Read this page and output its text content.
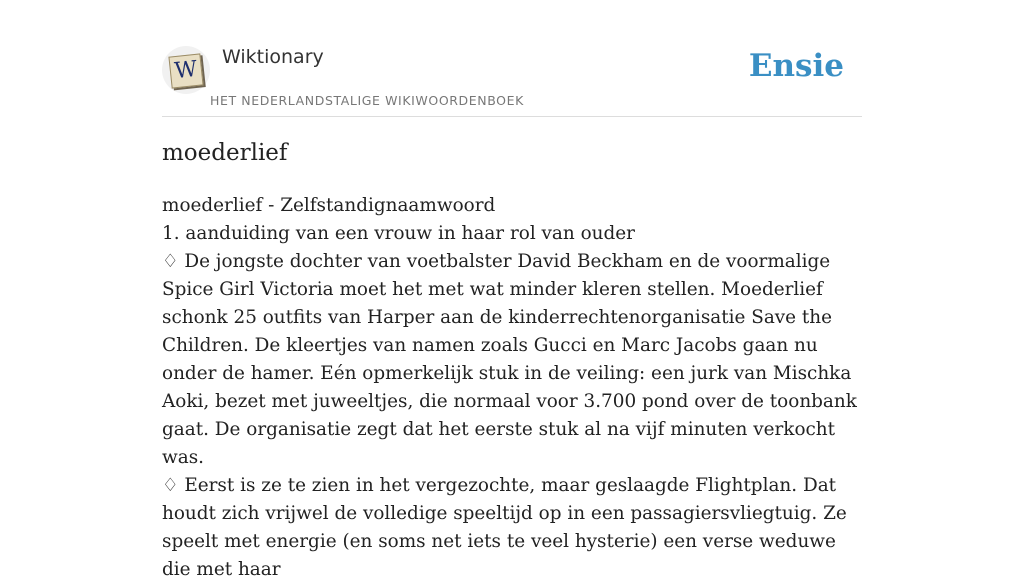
W Wiktionary
HET NEDERLANDSTALIGE WIKIWOORDENBOEK
Ensie
moederlief

moederlief - Zelfstandignaamwoord

1. aanduiding van een vrouw in haar rol van ouder

♢ De jongste dochter van voetbalster David Beckham en de voormalige Spice Girl Victoria moet het met wat minder kleren stellen. Moederlief schonk 25 outfits van Harper aan de kinderrechtenorganisatie Save the Children. De kleertjes van namen zoals Gucci en Marc Jacobs gaan nu onder de hamer. Eén opmerkelijk stuk in de veiling: een jurk van Mischka Aoki, bezet met juweeltjes, die normaal voor 3.700 pond over de toonbank gaat. De organisatie zegt dat het eerste stuk al na vijf minuten verkocht was.

♢ Eerst is ze te zien in het vergezochte, maar geslaagde Flightplan. Dat houdt zich vrijwel de volledige speeltijd op in een passagiersvliegtuig. Ze speelt met energie (en soms net iets te veel hysterie) een verse weduwe die met haar
